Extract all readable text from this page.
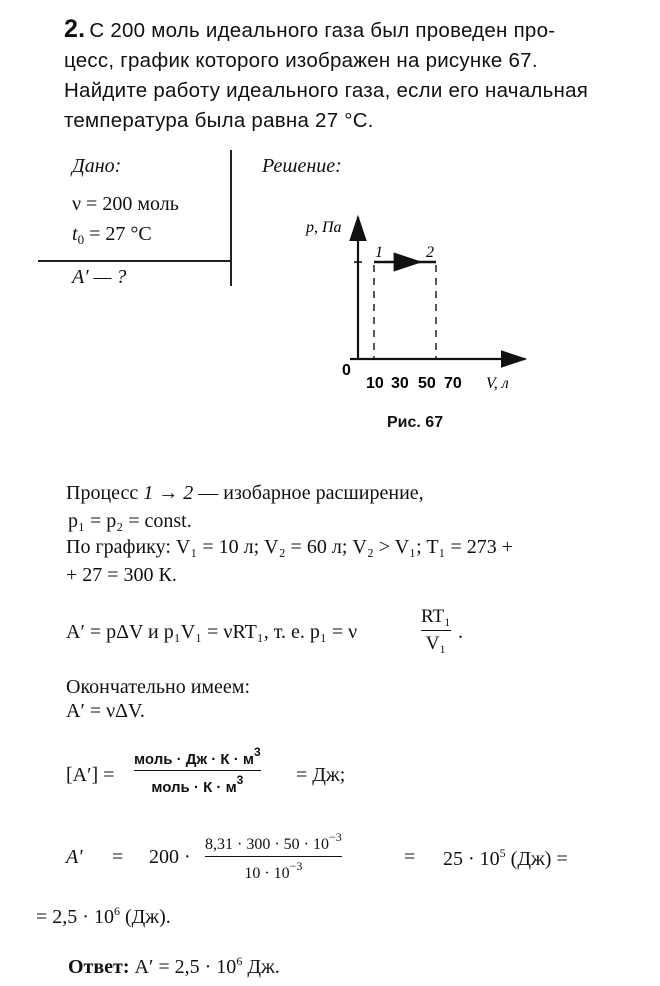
2. С 200 моль идеального газа был проведен про-
цесс, график которого изображен на рисунке 67.
Найдите работу идеального газа, если его начальная
температура была равна 27 °С.
Дано:
ν = 200 моль
$t_0 = 27$ °С
A′ — ?
Решение:
p, Па
1	2
0
10 30 50 70 V, л
Рис. 67
Процесс 1 → 2 — изобарное расширение,
p₁ = p₂ = const.
По графику: V₁ = 10 л; V₂ = 60 л; V₂ > V₁; T₁ = 273 +
+ 27 = 300 К.
A′ = pΔV и p₁V₁ = νRT₁, т. е. p₁ = ν
RT₁
V₁
.
Окончательно имеем:
A′ = νΔV.
[A′] =
моль · Дж · $К \cdot м^3$
моль · $К \cdot м^3$	= Дж;
A′ = 200 ·
$8,31 \cdot 300 \cdot 50 \cdot 10^{-3}$
$10 \cdot 10^{-3}$	= $25 \cdot 10^5$ (Дж) =
= $2,5 \cdot 10^6$ (Дж).
Ответ: $A' = 2,5 \cdot 10^6$ Дж.
